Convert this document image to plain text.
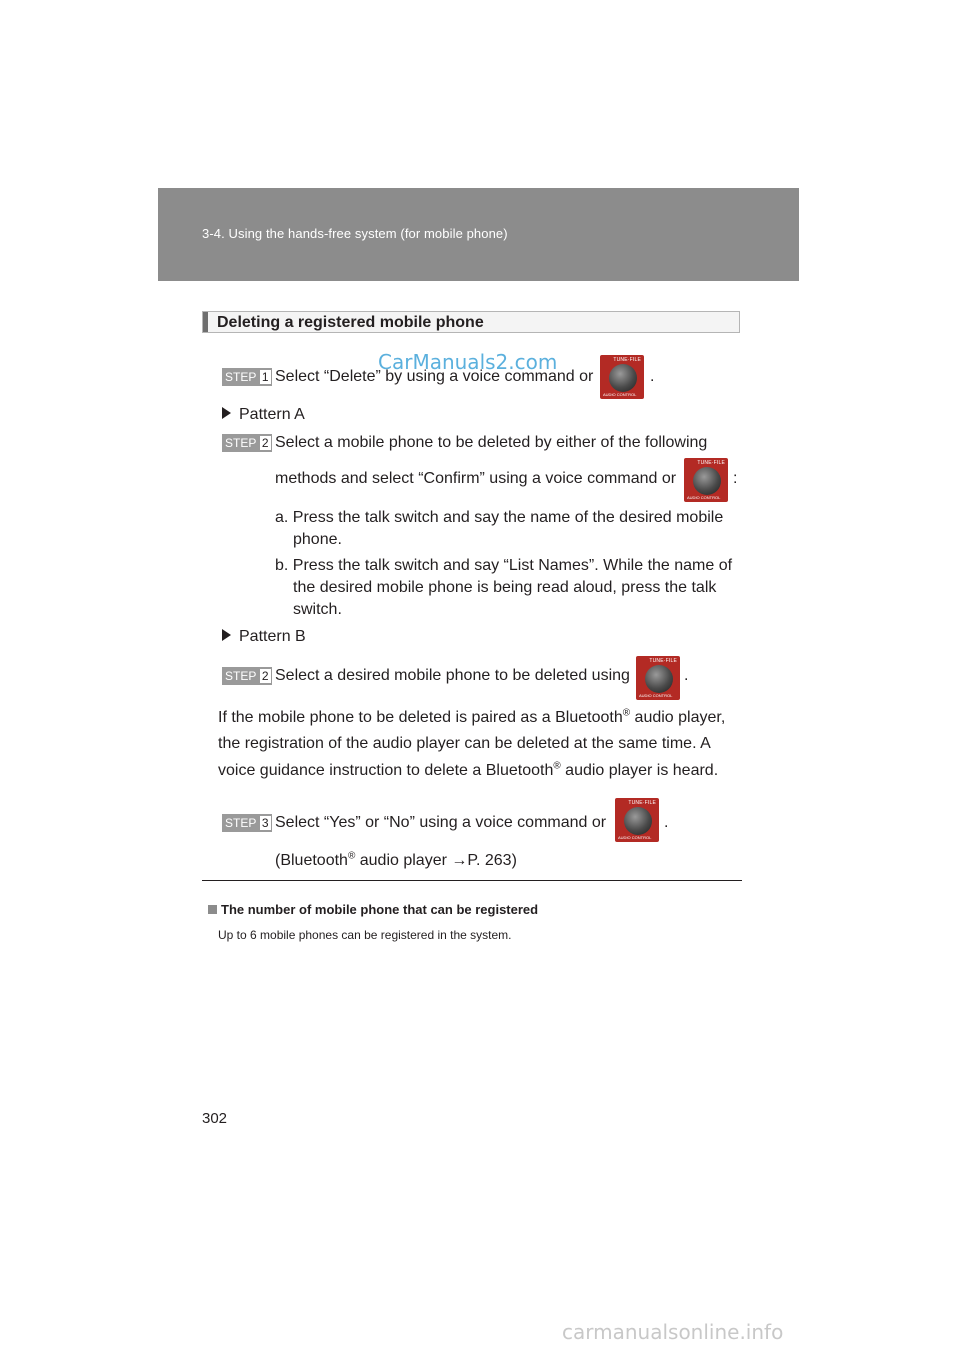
3-4. Using the hands-free system (for mobile phone)
Deleting a registered mobile phone
CarManuals2.com
STEP 1 Select “Delete” by using a voice command or
TUNE·FILE
AUDIO CONTROL
.
Pattern A
STEP 2 Select a mobile phone to be deleted by either of the following
methods and select “Confirm” using a voice command or
TUNE·FILE
AUDIO CONTROL
:
a. Press the talk switch and say the name of the desired mobile
phone.
b. Press the talk switch and say “List Names”. While the name of
the desired mobile phone is being read aloud, press the talk
switch.
Pattern B
STEP 2 Select a desired mobile phone to be deleted using
TUNE·FILE
AUDIO CONTROL
.
If the mobile phone to be deleted is paired as a Bluetooth® audio player,
the registration of the audio player can be deleted at the same time. A
voice guidance instruction to delete a Bluetooth® audio player is heard.
STEP 3 Select “Yes” or “No” using a voice command or
TUNE·FILE
AUDIO CONTROL
.
(Bluetooth® audio player →P. 263)
The number of mobile phone that can be registered
Up to 6 mobile phones can be registered in the system.
302
carmanualsonline.info
